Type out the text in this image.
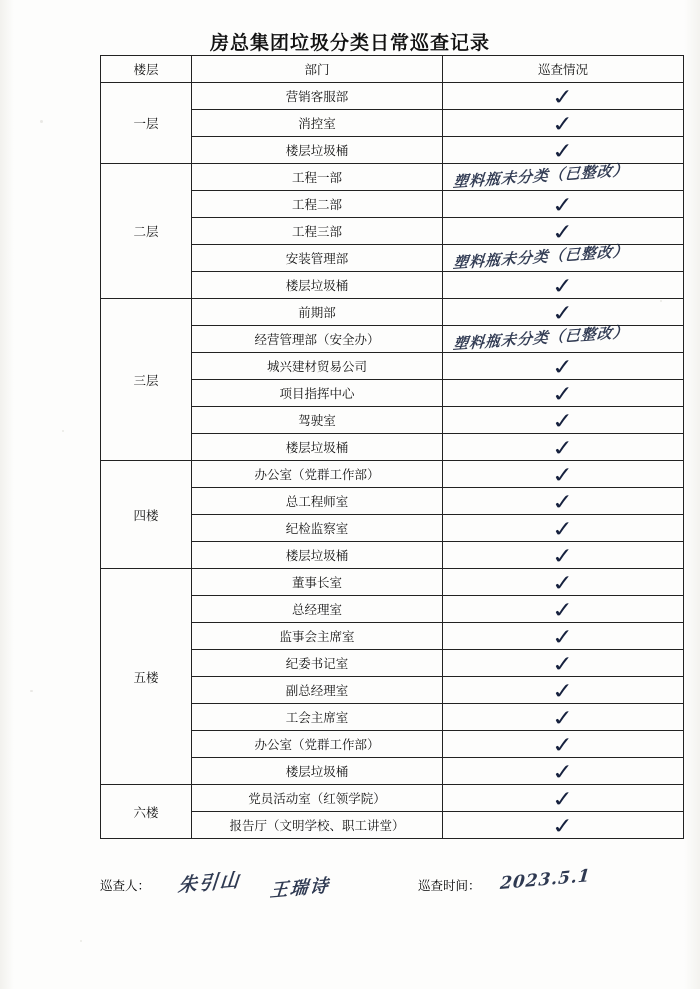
房总集团垃圾分类日常巡查记录
楼层	部门	巡查情况
一层	营销客服部	✓
	消控室	✓
	楼层垃圾桶	✓
二层	工程一部	塑料瓶未分类（已整改）
	工程二部	✓
	工程三部	✓
	安装管理部	塑料瓶未分类（已整改）
	楼层垃圾桶	✓
三层	前期部	✓
	经营管理部（安全办）	塑料瓶未分类（已整改）
	城兴建材贸易公司	✓
	项目指挥中心	✓
	驾驶室	✓
	楼层垃圾桶	✓
四楼	办公室（党群工作部）	✓
	总工程师室	✓
	纪检监察室	✓
	楼层垃圾桶	✓
五楼	董事长室	✓
	总经理室	✓
	监事会主席室	✓
	纪委书记室	✓
	副总经理室	✓
	工会主席室	✓
	办公室（党群工作部）	✓
	楼层垃圾桶	✓
六楼	党员活动室（红领学院）	✓
	报告厅（文明学校、职工讲堂）	✓
巡查人： 朱引山 王瑞诗	巡查时间： 2023.5.1
